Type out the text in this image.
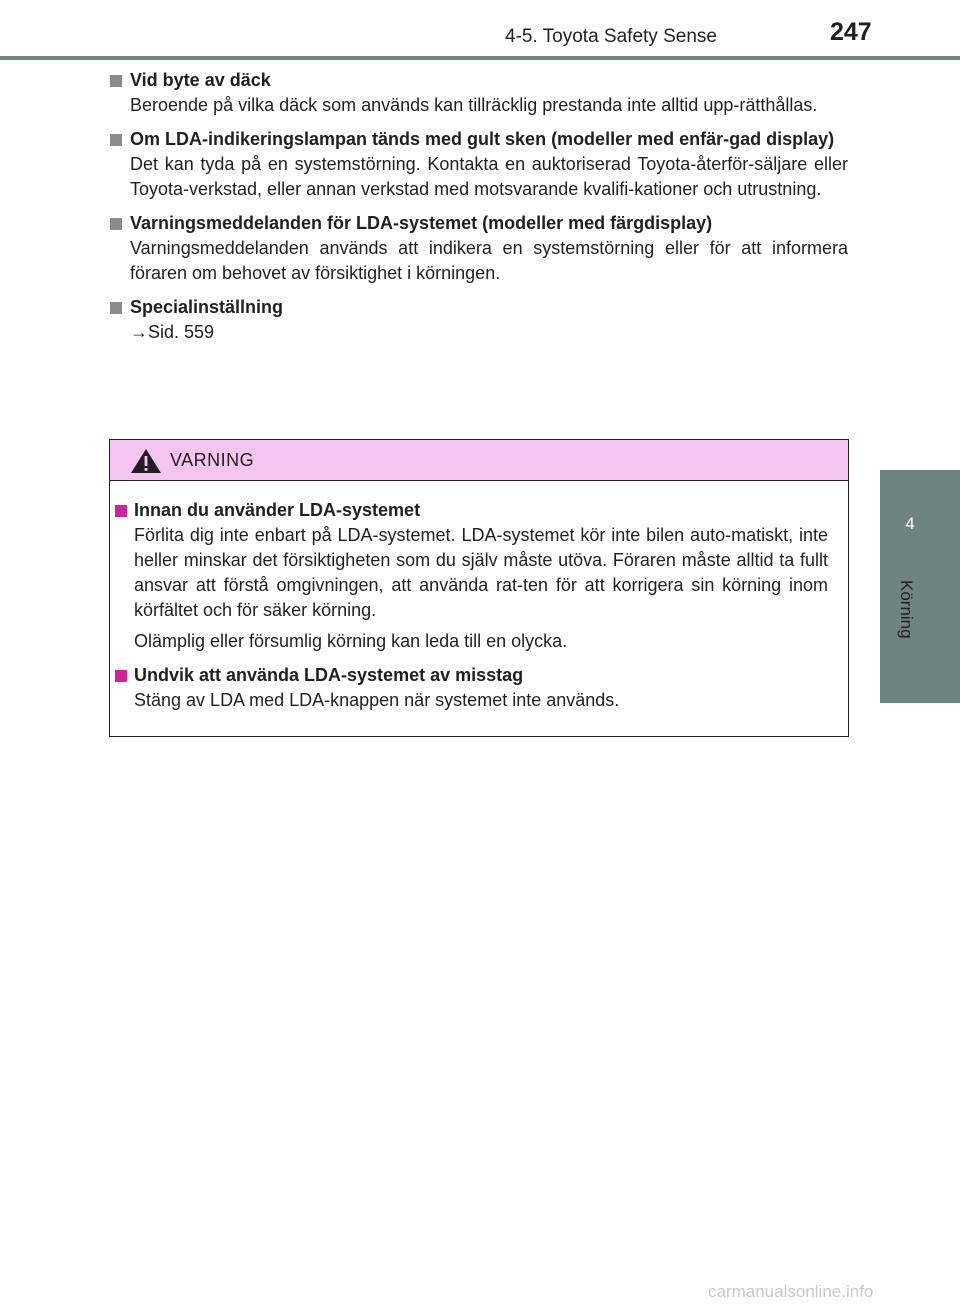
4-5. Toyota Safety Sense	247
4
Körning
Vid byte av däck
Beroende på vilka däck som används kan tillräcklig prestanda inte alltid upp-rätthållas.
Om LDA-indikeringslampan tänds med gult sken (modeller med enfär-gad display)
Det kan tyda på en systemstörning. Kontakta en auktoriserad Toyota-återför-säljare eller Toyota-verkstad, eller annan verkstad med motsvarande kvalifi-kationer och utrustning.
Varningsmeddelanden för LDA-systemet (modeller med färgdisplay)
Varningsmeddelanden används att indikera en systemstörning eller för att informera föraren om behovet av försiktighet i körningen.
Specialinställning
→Sid. 559
VARNING
Innan du använder LDA-systemet
Förlita dig inte enbart på LDA-systemet. LDA-systemet kör inte bilen auto-matiskt, inte heller minskar det försiktigheten som du själv måste utöva. Föraren måste alltid ta fullt ansvar att förstå omgivningen, att använda rat-ten för att korrigera sin körning inom körfältet och för säker körning.
Olämplig eller försumlig körning kan leda till en olycka.
Undvik att använda LDA-systemet av misstag
Stäng av LDA med LDA-knappen när systemet inte används.
carmanualsonline.info
